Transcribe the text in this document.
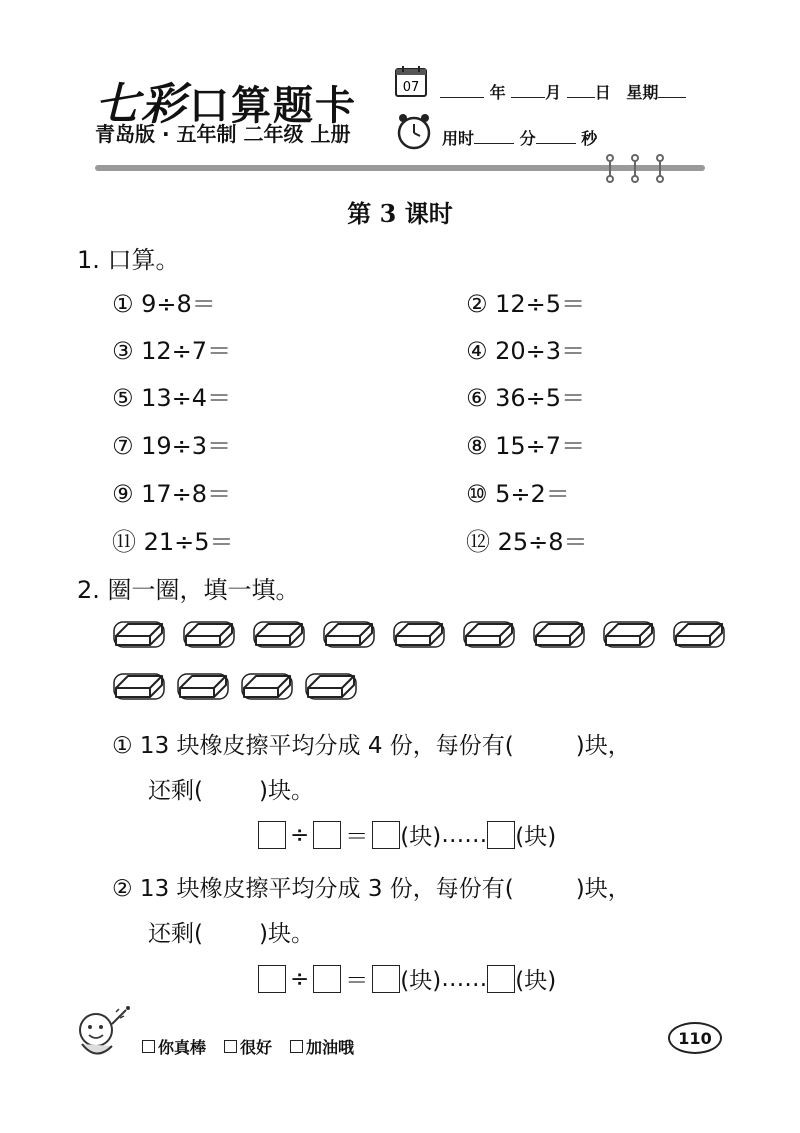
七彩口算题卡
青岛版 · 五年制 二年级 上册
07	年 月 日 星期
用时	分	秒
第 3 课时
1. 口算。
① 9÷8＝	② 12÷5＝
③ 12÷7＝	④ 20÷3＝
⑤ 13÷4＝	⑥ 36÷5＝
⑦ 19÷3＝	⑧ 15÷7＝
⑨ 17÷8＝	⑩ 5÷2＝
⑪ 21÷5＝	⑫ 25÷8＝
2. 圈一圈，填一填。
① 13 块橡皮擦平均分成 4 份，每份有(	)块，
还剩( )块。
÷ ＝ (块) …… (块)
② 13 块橡皮擦平均分成 3 份，每份有(	)块，
还剩( )块。
÷ ＝ (块) …… (块)
你真棒	很好	加油哦	110
